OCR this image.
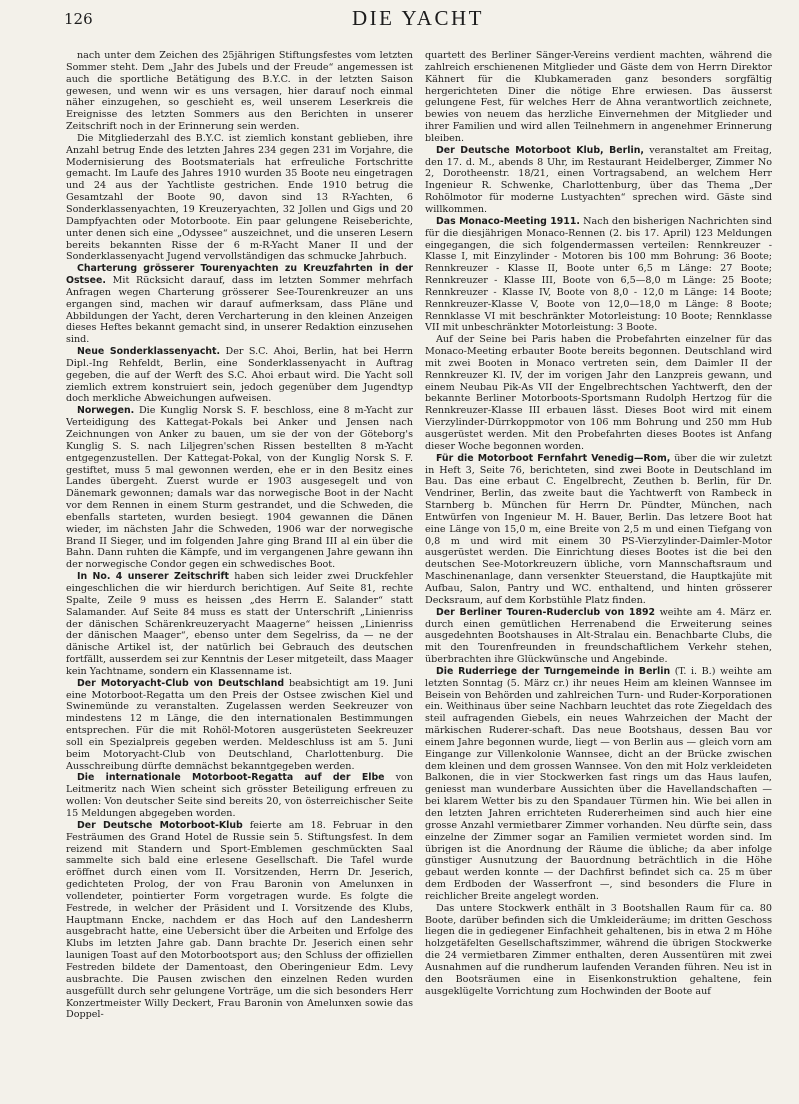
126	DIE YACHT

nach unter dem Zeichen des 25jährigen Stiftungsfestes vom letzten Sommer steht. Dem „Jahr des Jubels und der Freude“ angemessen ist auch die sportliche Betätigung des B.Y.C. in der letzten Saison gewesen, und wenn wir es uns versagen, hier darauf noch einmal näher einzugehen, so geschieht es, weil unserem Leserkreis die Ereignisse des letzten Sommers aus den Berichten in unserer Zeitschrift noch in der Erinnerung sein werden.

Die Mitgliederzahl des B.Y.C. ist ziemlich konstant geblieben, ihre Anzahl betrug Ende des letzten Jahres 234 gegen 231 im Vorjahre, die Modernisierung des Bootsmaterials hat erfreuliche Fortschritte gemacht. Im Laufe des Jahres 1910 wurden 35 Boote neu eingetragen und 24 aus der Yachtliste gestrichen. Ende 1910 betrug die Gesamtzahl der Boote 90, davon sind 13 R-Yachten, 6 Sonderklassenyachten, 19 Kreuzeryachten, 32 Jollen und Gigs und 20 Dampfyachten oder Motorboote. Ein paar gelungene Reiseberichte, unter denen sich eine „Odyssee“ auszeichnet, und die unseren Lesern bereits bekannten Risse der 6 m-R-Yacht Maner II und der Sonderklassenyacht Jugend vervollständigen das schmucke Jahrbuch.

Charterung grösserer Tourenyachten zu Kreuzfahrten in der Ostsee. Mit Rücksicht darauf, dass im letzten Sommer mehrfach Anfragen wegen Charterung grösserer See-Tourenkreuzer an uns ergangen sind, machen wir darauf aufmerksam, dass Pläne und Abbildungen der Yacht, deren Vercharterung in den kleinen Anzeigen dieses Heftes bekannt gemacht sind, in unserer Redaktion einzusehen sind.

Neue Sonderklassenyacht. Der S.C. Ahoi, Berlin, hat bei Herrn Dipl.-Ing Rehfeldt, Berlin, eine Sonderklassenyacht in Auftrag gegeben, die auf der Werft des S.C. Ahoi erbaut wird. Die Yacht soll ziemlich extrem konstruiert sein, jedoch gegenüber dem Jugendtyp doch merkliche Abweichungen aufweisen.

Norwegen. Die Kunglig Norsk S. F. beschloss, eine 8 m-Yacht zur Verteidigung des Kattegat-Pokals bei Anker und Jensen nach Zeichnungen von Anker zu bauen, um sie der von der Göteborg's Kunglig S. S. nach Liljegren'schen Rissen bestellten 8 m-Yacht entgegenzustellen. Der Kattegat-Pokal, von der Kunglig Norsk S. F. gestiftet, muss 5 mal gewonnen werden, ehe er in den Besitz eines Landes übergeht. Zuerst wurde er 1903 ausgesegelt und von Dänemark gewonnen; damals war das norwegische Boot in der Nacht vor dem Rennen in einem Sturm gestrandet, und die Schweden, die ebenfalls starteten, wurden besiegt. 1904 gewannen die Dänen wieder, im nächsten Jahr die Schweden, 1906 war der norwegische Brand II Sieger, und im folgenden Jahre ging Brand III al ein über die Bahn. Dann ruhten die Kämpfe, und im vergangenen Jahre gewann ihn der norwegische Condor gegen ein schwedisches Boot.

In No. 4 unserer Zeitschrift haben sich leider zwei Druckfehler eingeschlichen die wir hierdurch berichtigen. Auf Seite 81, rechte Spalte, Zeile 9 muss es heissen „des Herrn E. Salander“ statt Salamander. Auf Seite 84 muss es statt der Unterschrift „Linienriss der dänischen Schärenkreuzeryacht Maagerne“ heissen „Linienriss der dänischen Maager“, ebenso unter dem Segelriss, da — ne der dänische Artikel ist, der natürlich bei Gebrauch des deutschen fortfällt, ausserdem sei zur Kenntnis der Leser mitgeteilt, dass Maager kein Yachtname, sondern ein Klassenname ist.

Der Motoryacht-Club von Deutschland beabsichtigt am 19. Juni eine Motorboot-Regatta um den Preis der Ostsee zwischen Kiel und Swinemünde zu veranstalten. Zugelassen werden Seekreuzer von mindestens 12 m Länge, die den internationalen Bestimmungen entsprechen. Für die mit Rohöl-Motoren ausgerüsteten Seekreuzer soll ein Spezialpreis gegeben werden. Meldeschluss ist am 5. Juni beim Motoryacht-Club von Deutschland, Charlottenburg. Die Ausschreibung dürfte demnächst bekanntgegeben werden.

Die internationale Motorboot-Regatta auf der Elbe von Leitmeritz nach Wien scheint sich grösster Beteiligung erfreuen zu wollen: Von deutscher Seite sind bereits 20, von österreichischer Seite 15 Meldungen abgegeben worden.

Der Deutsche Motorboot-Klub feierte am 18. Februar in den Festräumen des Grand Hotel de Russie sein 5. Stiftungsfest. In dem reizend mit Standern und Sport-Emblemen geschmückten Saal sammelte sich bald eine erlesene Gesellschaft. Die Tafel wurde eröffnet durch einen vom II. Vorsitzenden, Herrn Dr. Jeserich, gedichteten Prolog, der von Frau Baronin von Amelunxen in vollendeter, pointierter Form vorgetragen wurde. Es folgte die Festrede, in welcher der Präsident und I. Vorsitzende des Klubs, Hauptmann Encke, nachdem er das Hoch auf den Landesherrn ausgebracht hatte, eine Uebersicht über die Arbeiten und Erfolge des Klubs im letzten Jahre gab. Dann brachte Dr. Jeserich einen sehr launigen Toast auf den Motorbootsport aus; den Schluss der offiziellen Festreden bildete der Damentoast, den Oberingenieur Edm. Levy ausbrachte. Die Pausen zwischen den einzelnen Reden wurden ausgefüllt durch sehr gelungene Vorträge, um die sich besonders Herr Konzertmeister Willy Deckert, Frau Baronin von Amelunxen sowie das Doppel-

quartett des Berliner Sänger-Vereins verdient machten, während die zahlreich erschienenen Mitglieder und Gäste dem von Herrn Direktor Kähnert für die Klubkameraden ganz besonders sorgfältig hergerichteten Diner die nötige Ehre erwiesen. Das äusserst gelungene Fest, für welches Herr de Ahna verantwortlich zeichnete, bewies von neuem das herzliche Einvernehmen der Mitglieder und ihrer Familien und wird allen Teilnehmern in angenehmer Erinnerung bleiben.

Der Deutsche Motorboot Klub, Berlin, veranstaltet am Freitag, den 17. d. M., abends 8 Uhr, im Restaurant Heidelberger, Zimmer No 2, Dorotheenstr. 18/21, einen Vortragsabend, an welchem Herr Ingenieur R. Schwenke, Charlottenburg, über das Thema „Der Rohölmotor für moderne Lustyachten“ sprechen wird. Gäste sind willkommen.

Das Monaco-Meeting 1911. Nach den bisherigen Nachrichten sind für die diesjährigen Monaco-Rennen (2. bis 17. April) 123 Meldungen eingegangen, die sich folgendermassen verteilen: Rennkreuzer - Klasse I, mit Einzylinder - Motoren bis 100 mm Bohrung: 36 Boote; Rennkreuzer - Klasse II, Boote unter 6,5 m Länge: 27 Boote; Rennkreuzer - Klasse III, Boote von 6,5—8,0 m Länge: 25 Boote; Rennkreuzer - Klasse IV, Boote von 8,0 - 12,0 m Länge: 14 Boote; Rennkreuzer-Klasse V, Boote von 12,0—18,0 m Länge: 8 Boote; Rennklasse VI mit beschränkter Motorleistung: 10 Boote; Rennklasse VII mit unbeschränkter Motorleistung: 3 Boote.

Auf der Seine bei Paris haben die Probefahrten einzelner für das Monaco-Meeting erbauter Boote bereits begonnen. Deutschland wird mit zwei Booten in Monaco vertreten sein, dem Daimler II der Rennkreuzer Kl. IV, der im vorigen Jahr den Lanzpreis gewann, und einem Neubau Pik-As VII der Engelbrechtschen Yachtwerft, den der bekannte Berliner Motorboots-Sportsmann Rudolph Hertzog für die Rennkreuzer-Klasse III erbauen lässt. Dieses Boot wird mit einem Vierzylinder-Dürrkoppmotor von 106 mm Bohrung und 250 mm Hub ausgerüstet werden. Mit den Probefahrten dieses Bootes ist Anfang dieser Woche begonnen worden.

Für die Motorboot Fernfahrt Venedig—Rom, über die wir zuletzt in Heft 3, Seite 76, berichteten, sind zwei Boote in Deutschland im Bau. Das eine erbaut C. Engelbrecht, Zeuthen b. Berlin, für Dr. Vendriner, Berlin, das zweite baut die Yachtwerft von Rambeck in Starnberg b. München für Herrn Dr. Pündter, München, nach Entwürfen von Ingenieur M. H. Bauer, Berlin. Das letzere Boot hat eine Länge von 15,0 m, eine Breite von 2,5 m und einen Tiefgang von 0,8 m und wird mit einem 30 PS-Vierzylinder-Daimler-Motor ausgerüstet werden. Die Einrichtung dieses Bootes ist die bei den deutschen See-Motorkreuzern übliche, vorn Mannschaftsraum und Maschinenanlage, dann versenkter Steuerstand, die Hauptkajüte mit Aufbau, Salon, Pantry und WC. enthaltend, und hinten grösserer Decksraum, auf dem Korbstühle Platz finden.

Der Berliner Touren-Ruderclub von 1892 weihte am 4. März er. durch einen gemütlichen Herrenabend die Erweiterung seines ausgedehnten Bootshauses in Alt-Stralau ein. Benachbarte Clubs, die mit den Tourenfreunden in freundschaftlichem Verkehr stehen, überbrachten ihre Glückwünsche und Angebinde.

Die Ruderriege der Turngemeinde in Berlin (T. i. B.) weihte am letzten Sonntag (5. März cr.) ihr neues Heim am kleinen Wannsee im Beisein von Behörden und zahlreichen Turn- und Ruder-Korporationen ein. Weithinaus über seine Nachbarn leuchtet das rote Ziegeldach des steil aufragenden Giebels, ein neues Wahrzeichen der Macht der märkischen Ruderer-schaft. Das neue Bootshaus, dessen Bau vor einem Jahre begonnen wurde, liegt — von Berlin aus — gleich vorn am Eingange zur Villenkolonie Wannsee, dicht an der Brücke zwischen dem kleinen und dem grossen Wannsee. Von den mit Holz verkleideten Balkonen, die in vier Stockwerken fast rings um das Haus laufen, geniesst man wunderbare Aussichten über die Havellandschaften — bei klarem Wetter bis zu den Spandauer Türmen hin. Wie bei allen in den letzten Jahren errichteten Rudererheimen sind auch hier eine grosse Anzahl vermietbarer Zimmer vorhanden. Neu dürfte sein, dass einzelne der Zimmer sogar an Familien vermietet worden sind. Im übrigen ist die Anordnung der Räume die übliche; da aber infolge günstiger Ausnutzung der Bauordnung beträchtlich in die Höhe gebaut werden konnte — der Dachfirst befindet sich ca. 25 m über dem Erdboden der Wasserfront —, sind besonders die Flure in reichlicher Breite angelegt worden.

Das untere Stockwerk enthält in 3 Bootshallen Raum für ca. 80 Boote, darüber befinden sich die Umkleideräume; im dritten Geschoss liegen die in gediegener Einfachheit gehaltenen, bis in etwa 2 m Höhe holzgetäfelten Gesellschaftszimmer, während die übrigen Stockwerke die 24 vermietbaren Zimmer enthalten, deren Aussentüren mit zwei Ausnahmen auf die rundherum laufenden Veranden führen. Neu ist in den Bootsräumen eine in Eisenkonstruktion gehaltene, fein ausgeklügelte Vorrichtung zum Hochwinden der Boote auf
